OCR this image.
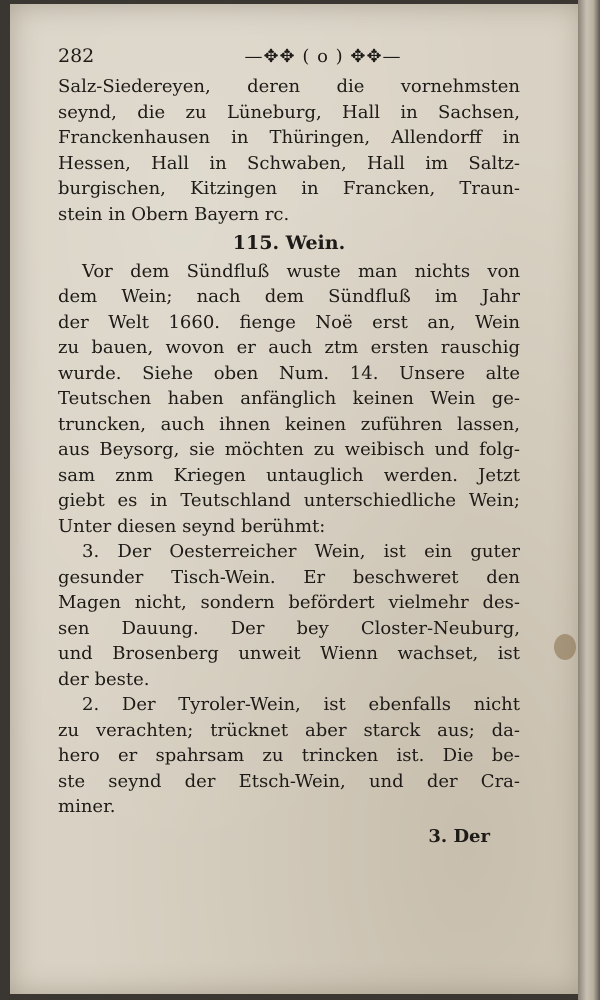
282	—✥✥ ( o ) ✥✥—
Salz-Siedereyen, deren die vornehmsten
seynd, die zu Lüneburg, Hall in Sachsen,
Franckenhausen in Thüringen, Allendorff in
Hessen, Hall in Schwaben, Hall im Saltz-
burgischen, Kitzingen in Francken, Traun-
stein in Obern Bayern rc.
115. Wein.
Vor dem Sündfluß wuste man nichts von
dem Wein; nach dem Sündfluß im Jahr
der Welt 1660. fienge Noë erst an, Wein
zu bauen, wovon er auch ztm ersten rauschig
wurde. Siehe oben Num. 14. Unsere alte
Teutschen haben anfänglich keinen Wein ge-
truncken, auch ihnen keinen zuführen lassen,
aus Beysorg, sie möchten zu weibisch und folg-
sam znm Kriegen untauglich werden. Jetzt
giebt es in Teutschland unterschiedliche Wein;
Unter diesen seynd berühmt:
3. Der Oesterreicher Wein, ist ein guter
gesunder Tisch-Wein. Er beschweret den
Magen nicht, sondern befördert vielmehr des-
sen Dauung. Der bey Closter-Neuburg,
und Brosenberg unweit Wienn wachset, ist
der beste.
2. Der Tyroler-Wein, ist ebenfalls nicht
zu verachten; trücknet aber starck aus; da-
hero er spahrsam zu trincken ist. Die be-
ste seynd der Etsch-Wein, und der Cra-
miner.
3. Der
